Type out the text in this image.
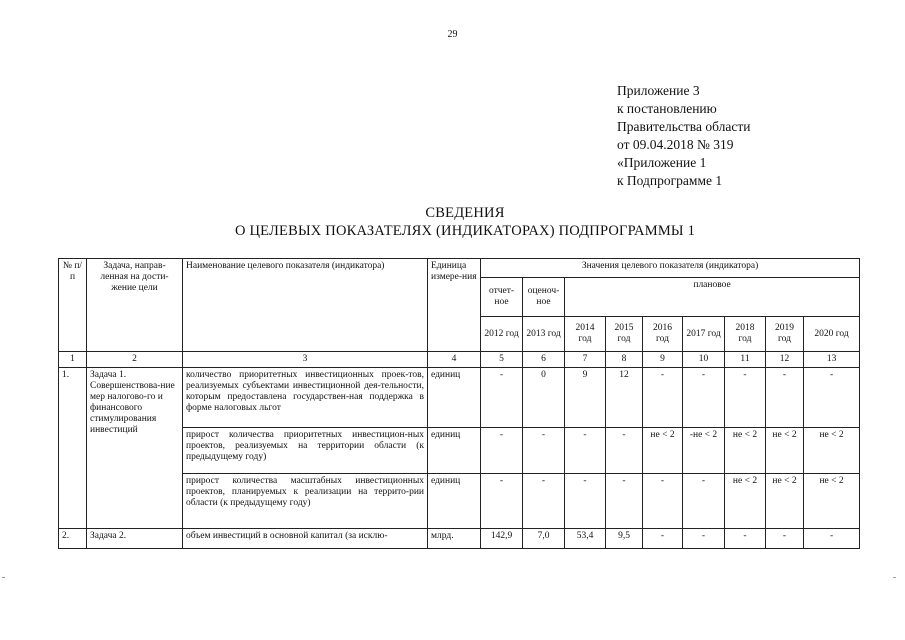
29
Приложение 3
к постановлению
Правительства области
от 09.04.2018 № 319
«Приложение 1
к Подпрограмме 1
СВЕДЕНИЯ
О ЦЕЛЕВЫХ ПОКАЗАТЕЛЯХ (ИНДИКАТОРАХ) ПОДПРОГРАММЫ 1
№ п/п	Задача, направ-ленная на дости-жение цели	Наименование целевого показателя (индикатора)	Единица измере-ния	Значения целевого показателя (индикатора)								
				отчет-ное	оценоч-ное	плановое						
				2012 год	2013 год	2014 год	2015 год	2016 год	2017 год	2018 год	2019 год	2020 год
1	2	3	4	5	6	7	8	9	10	11	12	13
1.	Задача 1. Совершенствова-ние мер налогово-го и финансового стимулирования инвестиций	количество приоритетных инвестиционных проек-тов, реализуемых субъектами инвестиционной дея-тельности, которым предоставлена государствен-ная поддержка в форме налоговых льгот	единиц	-	0	9	12	-	-	-	-	-
		прирост количества приоритетных инвестицион-ных проектов, реализуемых на территории области (к предыдущему году)	единиц	-	-	-	-	не < 2	-не < 2	не < 2	не < 2	не < 2
		прирост количества масштабных инвестиционных проектов, планируемых к реализации на террито-рии области (к предыдущему году)	единиц	-	-	-	-	-	-	не < 2	не < 2	не < 2
2.	Задача 2.	объем инвестиций в основной капитал (за исклю-	млрд.	142,9	7,0	53,4	9,5	-	-	-	-	-
˗	˗
